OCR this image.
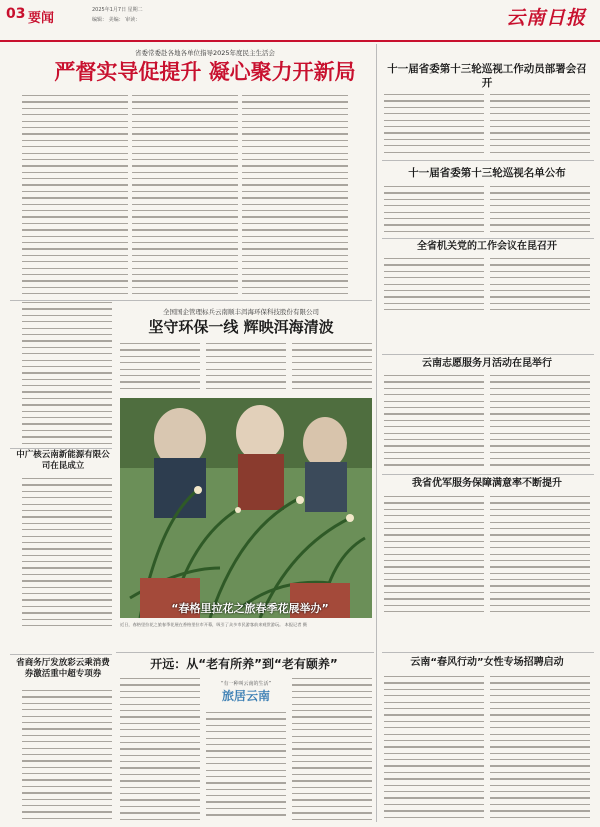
03 要闻
2025年1月7日 星期二
编辑： 美编： 审读：	云南日报
省委常委赴各地各单位指导2025年度民主生活会
严督实导促提升 凝心聚力开新局	十一届省委第十三轮巡视工作动员部署会召开
十一届省委第十三轮巡视名单公布
全省机关党的工作会议在昆召开
云南志愿服务月活动在昆举行
我省优军服务保障满意率不断提升
云南“春风行动”女性专场招聘启动
全国国企管理标兵云南顺丰洱海环保科技股份有限公司
坚守环保一线 辉映洱海清波
“春格里拉花之旅春季花展举办”
近日，春格里拉花之旅春季花展在香格里拉市开幕，吸引了众多市民游客前来观赏游玩。 本报记者 摄
中广核云南新能源有限公司在昆成立
省商务厅发放彩云乘消费券激活重中超专项券
开远：从“老有所养”到“老有颐养”
“有一种叫云南的生活”
旅居云南
